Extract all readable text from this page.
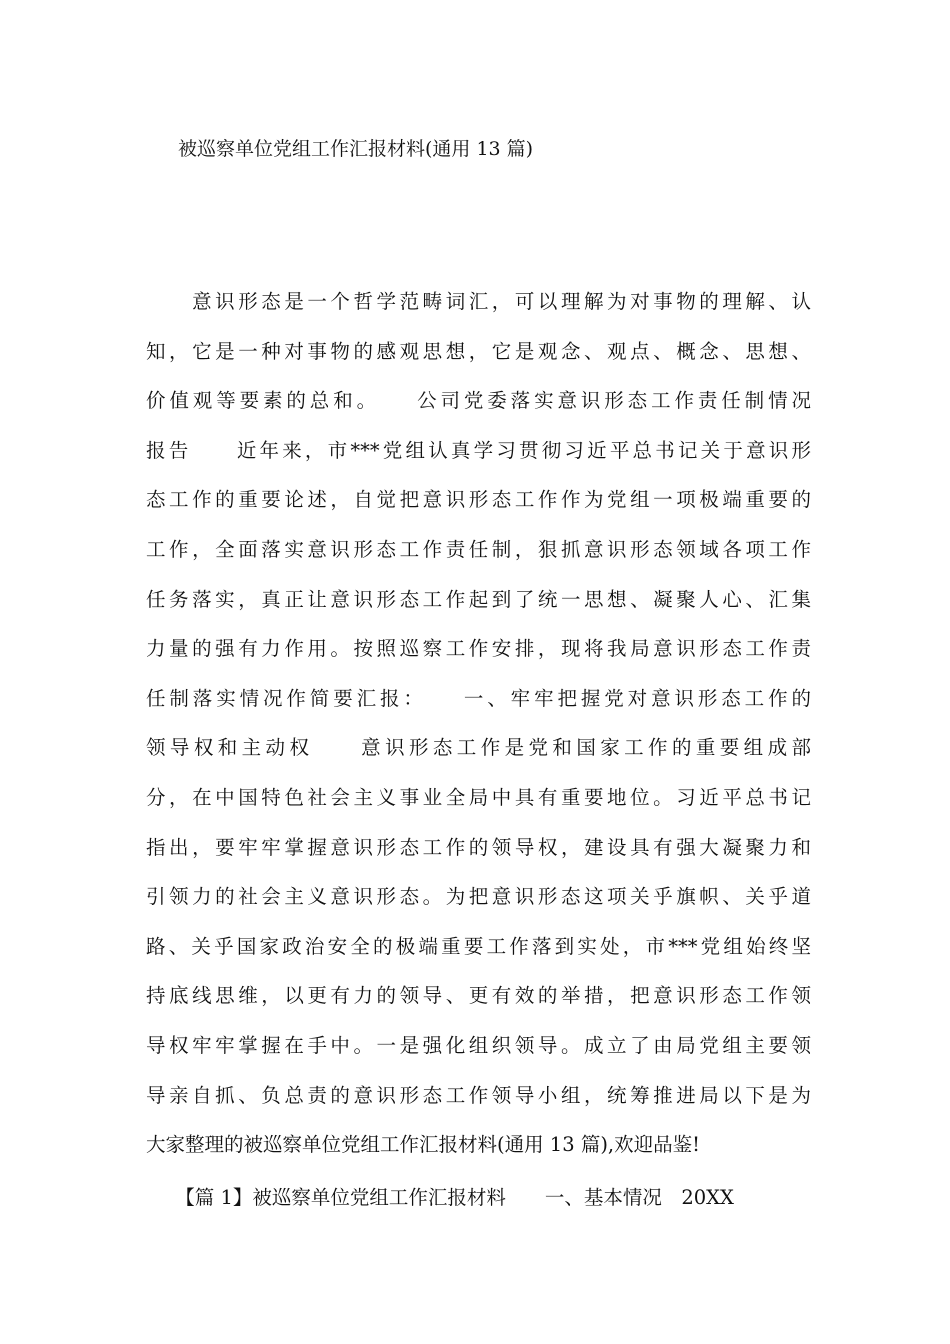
被巡察单位党组工作汇报材料(通用 13 篇)
　　意识形态是一个哲学范畴词汇，可以理解为对事物的理解、认
知，它是一种对事物的感观思想，它是观念、观点、概念、思想、
价值观等要素的总和。　　公司党委落实意识形态工作责任制情况
报告　　近年来，市***党组认真学习贯彻习近平总书记关于意识形
态工作的重要论述，自觉把意识形态工作作为党组一项极端重要的
工作，全面落实意识形态工作责任制，狠抓意识形态领域各项工作
任务落实，真正让意识形态工作起到了统一思想、凝聚人心、汇集
力量的强有力作用。按照巡察工作安排，现将我局意识形态工作责
任制落实情况作简要汇报：　　一、牢牢把握党对意识形态工作的
领导权和主动权　　意识形态工作是党和国家工作的重要组成部
分，在中国特色社会主义事业全局中具有重要地位。习近平总书记
指出，要牢牢掌握意识形态工作的领导权，建设具有强大凝聚力和
引领力的社会主义意识形态。为把意识形态这项关乎旗帜、关乎道
路、关乎国家政治安全的极端重要工作落到实处，市***党组始终坚
持底线思维，以更有力的领导、更有效的举措，把意识形态工作领
导权牢牢掌握在手中。一是强化组织领导。成立了由局党组主要领
导亲自抓、负总责的意识形态工作领导小组，统筹推进局以下是为
大家整理的被巡察单位党组工作汇报材料(通用 13 篇),欢迎品鉴!
　　【篇 1】被巡察单位党组工作汇报材料　　一、基本情况　20XX
